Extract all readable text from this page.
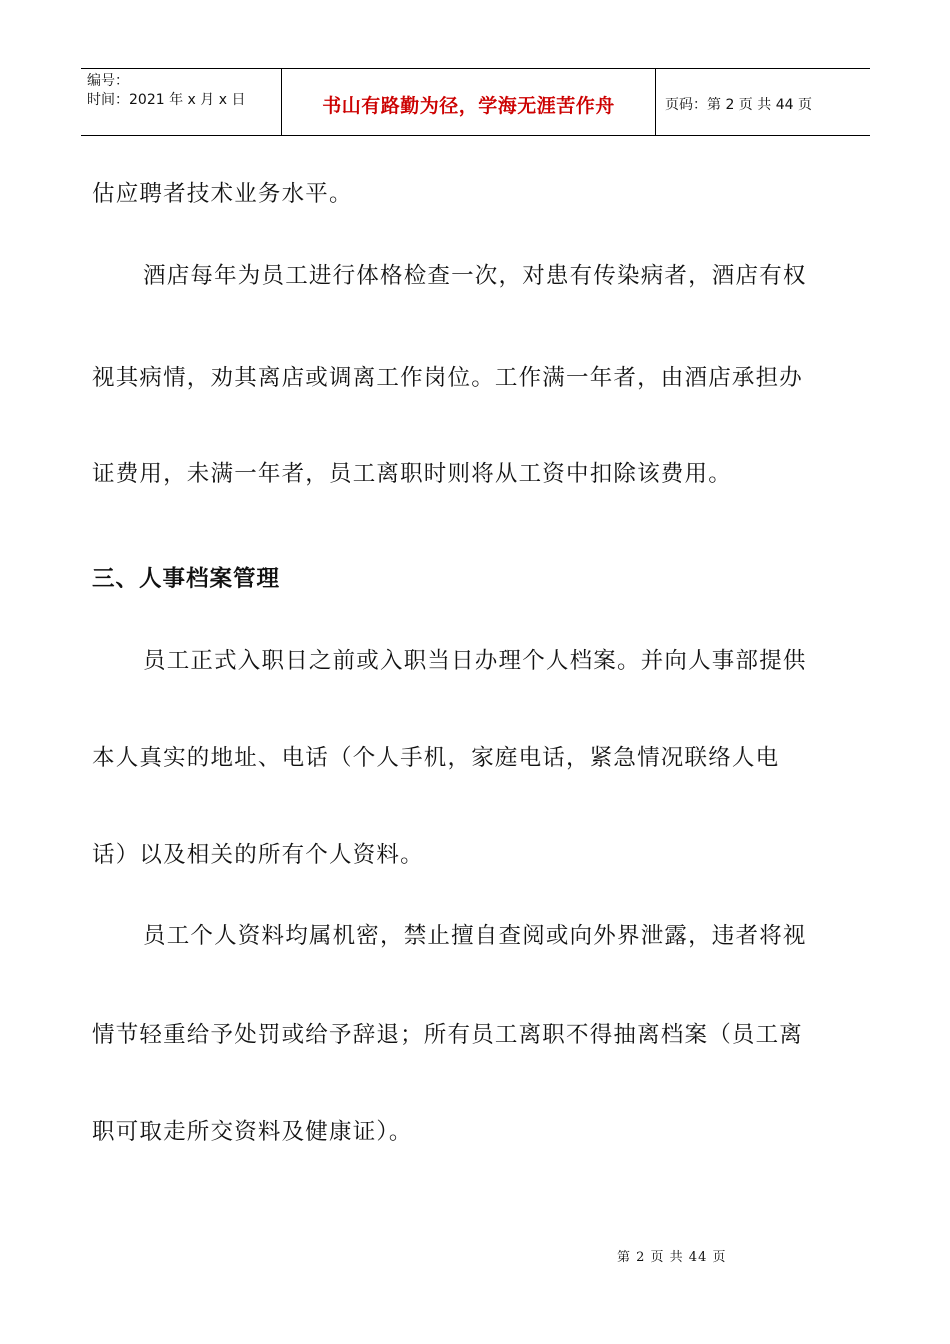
编号：
时间：2021 年 x 月 x 日	书山有路勤为径，学海无涯苦作舟	页码：第 2 页 共 44 页
估应聘者技术业务水平。
酒店每年为员工进行体格检查一次，对患有传染病者，酒店有权
视其病情，劝其离店或调离工作岗位。工作满一年者，由酒店承担办
证费用，未满一年者，员工离职时则将从工资中扣除该费用。
三、人事档案管理
员工正式入职日之前或入职当日办理个人档案。并向人事部提供
本人真实的地址、电话（个人手机，家庭电话，紧急情况联络人电
话）以及相关的所有个人资料。
员工个人资料均属机密，禁止擅自查阅或向外界泄露，违者将视
情节轻重给予处罚或给予辞退；所有员工离职不得抽离档案（员工离
职可取走所交资料及健康证）。
第 2 页 共 44 页
